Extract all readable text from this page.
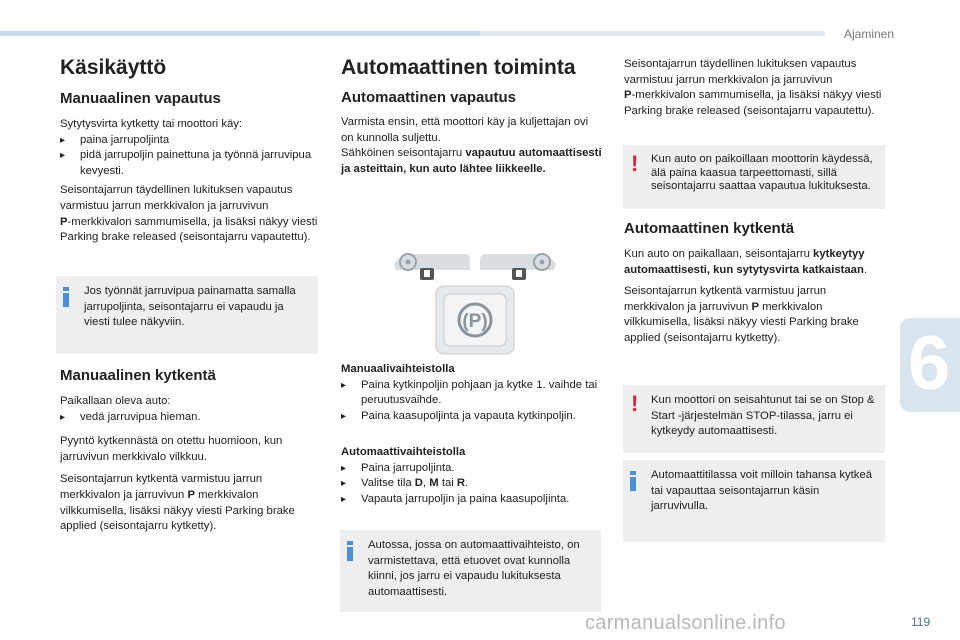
Ajaminen
6
119
carmanualsonline.info
Käsikäyttö
Manuaalinen vapautus
Sytytysvirta kytketty tai moottori käy:
▸ paina jarrupoljinta
▸ pidä jarrupoljin painettuna ja työnnä jarruvipua kevyesti.
Seisontajarrun täydellinen lukituksen vapautus varmistuu jarrun merkkivalon ja jarruvivun
P-merkkivalon sammumisella, ja lisäksi näkyy viesti Parking brake released (seisontajarru vapautettu).
Jos työnnät jarruvipua painamatta samalla jarrupoljinta, seisontajarru ei vapaudu ja viesti tulee näkyviin.
Manuaalinen kytkentä
Paikallaan oleva auto:
▸ vedä jarruvipua hieman.
Pyyntö kytkennästä on otettu huomioon, kun jarruvivun merkkivalo vilkkuu.
Seisontajarrun kytkentä varmistuu jarrun merkkivalon ja jarruvivun P merkkivalon vilkkumisella, lisäksi näkyy viesti Parking brake applied (seisontajarru kytketty).
Automaattinen toiminta
Automaattinen vapautus
Varmista ensin, että moottori käy ja kuljettajan ovi on kunnolla suljettu.
Sähköinen seisontajarru vapautuu automaattisesti ja asteittain, kun auto lähtee liikkeelle.
(P)
Manuaalivaihteistolla
▸ Paina kytkinpoljin pohjaan ja kytke 1. vaihde tai peruutusvaihde.
▸ Paina kaasupoljinta ja vapauta kytkinpoljin.
Automaattivaihteistolla
▸ Paina jarrupoljinta.
▸ Valitse tila D, M tai R.
▸ Vapauta jarrupoljin ja paina kaasupoljinta.
Autossa, jossa on automaattivaihteisto, on varmistettava, että etuovet ovat kunnolla kiinni, jos jarru ei vapaudu lukituksesta automaattisesti.
Seisontajarrun täydellinen lukituksen vapautus varmistuu jarrun merkkivalon ja jarruvivun
P-merkkivalon sammumisella, ja lisäksi näkyy viesti Parking brake released (seisontajarru vapautettu).
! Kun auto on paikoillaan moottorin käydessä, älä paina kaasua tarpeettomasti, sillä seisontajarru saattaa vapautua lukituksesta.
Automaattinen kytkentä
Kun auto on paikallaan, seisontajarru kytkeytyy automaattisesti, kun sytytysvirta katkaistaan.
Seisontajarrun kytkentä varmistuu jarrun merkkivalon ja jarruvivun P merkkivalon vilkkumisella, lisäksi näkyy viesti Parking brake applied (seisontajarru kytketty).
! Kun moottori on seisahtunut tai se on Stop & Start -järjestelmän STOP-tilassa, jarru ei kytkeydy automaattisesti.
Automaattitilassa voit milloin tahansa kytkeä tai vapauttaa seisontajarrun käsin jarruvivulla.
